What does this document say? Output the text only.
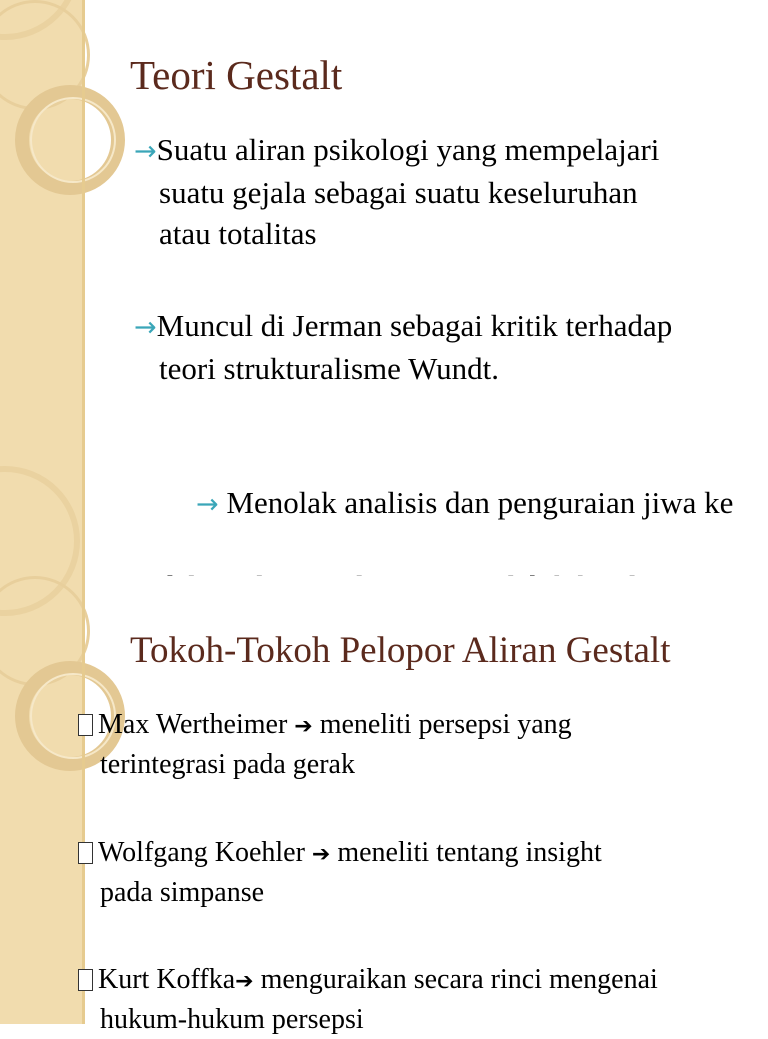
Teori Gestalt
→Suatu aliran psikologi yang mempelajari
suatu gejala sebagai suatu keseluruhan
atau totalitas
→Muncul di Jerman sebagai kritik terhadap
teori strukturalisme Wundt.

→ Menolak analisis dan penguraian jiwa ke

Tokoh-Tokoh Pelopor Aliran Gestalt
Max Wertheimer ➔ meneliti persepsi yang
terintegrasi pada gerak
Wolfgang Koehler ➔ meneliti tentang insight
pada simpanse
Kurt Koffka➔ menguraikan secara rinci mengenai
hukum-hukum persepsi
